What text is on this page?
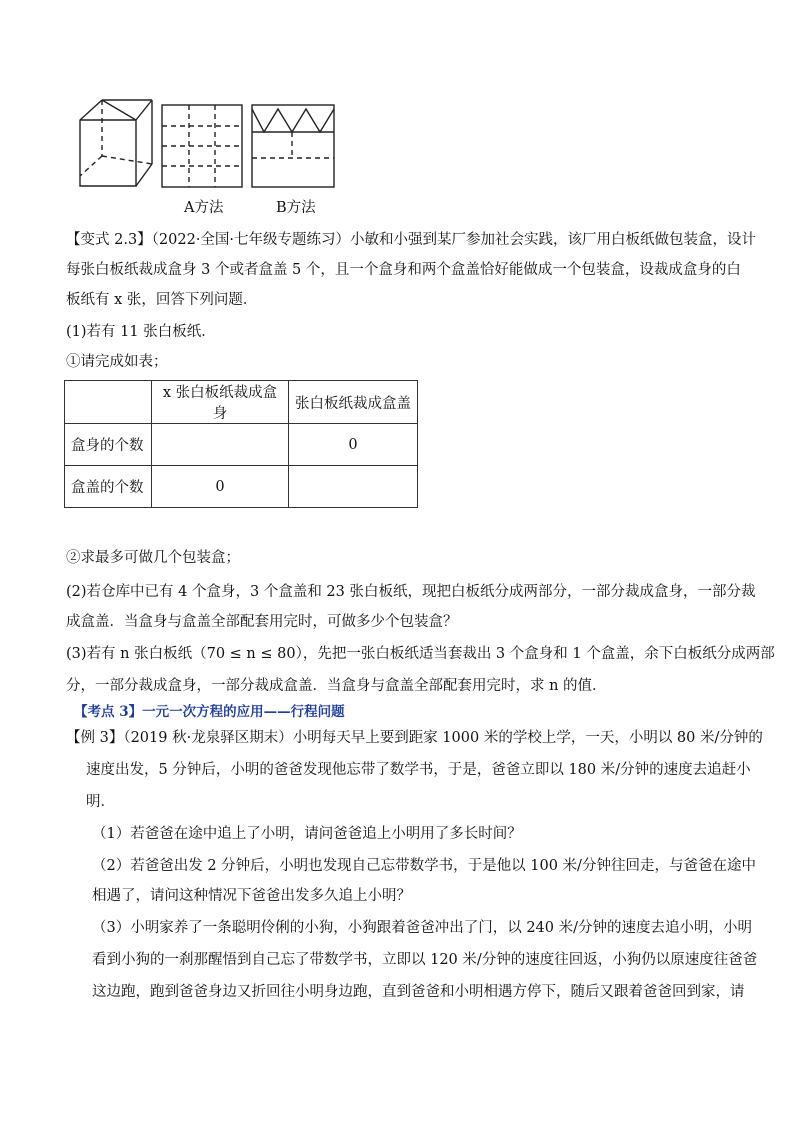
A方法	B方法
【变式 2.3】（2022·全国·七年级专题练习）小敏和小强到某厂参加社会实践，该厂用白板纸做包装盒，设计
每张白板纸裁成盒身 3 个或者盒盖 5 个，且一个盒身和两个盒盖恰好能做成一个包装盒，设裁成盒身的白
板纸有 x 张，回答下列问题．
(1)若有 11 张白板纸．
①请完成如表；
	x 张白板纸裁成盒身	张白板纸裁成盒盖
盒身的个数		0
盒盖的个数	0	
②求最多可做几个包装盒；
(2)若仓库中已有 4 个盒身，3 个盒盖和 23 张白板纸，现把白板纸分成两部分，一部分裁成盒身，一部分裁
成盒盖．当盒身与盒盖全部配套用完时，可做多少个包装盒？
(3)若有 n 张白板纸（70 ≤ n ≤ 80），先把一张白板纸适当套裁出 3 个盒身和 1 个盒盖，余下白板纸分成两部
分，一部分裁成盒身，一部分裁成盒盖．当盒身与盒盖全部配套用完时，求 n 的值．
【考点 3】一元一次方程的应用——行程问题
【例 3】（2019 秋·龙泉驿区期末）小明每天早上要到距家 1000 米的学校上学，一天，小明以 80 米/分钟的
速度出发，5 分钟后，小明的爸爸发现他忘带了数学书，于是，爸爸立即以 180 米/分钟的速度去追赶小
明．
（1）若爸爸在途中追上了小明，请问爸爸追上小明用了多长时间？
（2）若爸爸出发 2 分钟后，小明也发现自己忘带数学书，于是他以 100 米/分钟往回走，与爸爸在途中
相遇了，请问这种情况下爸爸出发多久追上小明？
（3）小明家养了一条聪明伶俐的小狗，小狗跟着爸爸冲出了门，以 240 米/分钟的速度去追小明，小明
看到小狗的一刹那醒悟到自己忘了带数学书，立即以 120 米/分钟的速度往回返，小狗仍以原速度往爸爸
这边跑，跑到爸爸身边又折回往小明身边跑，直到爸爸和小明相遇方停下，随后又跟着爸爸回到家，请
